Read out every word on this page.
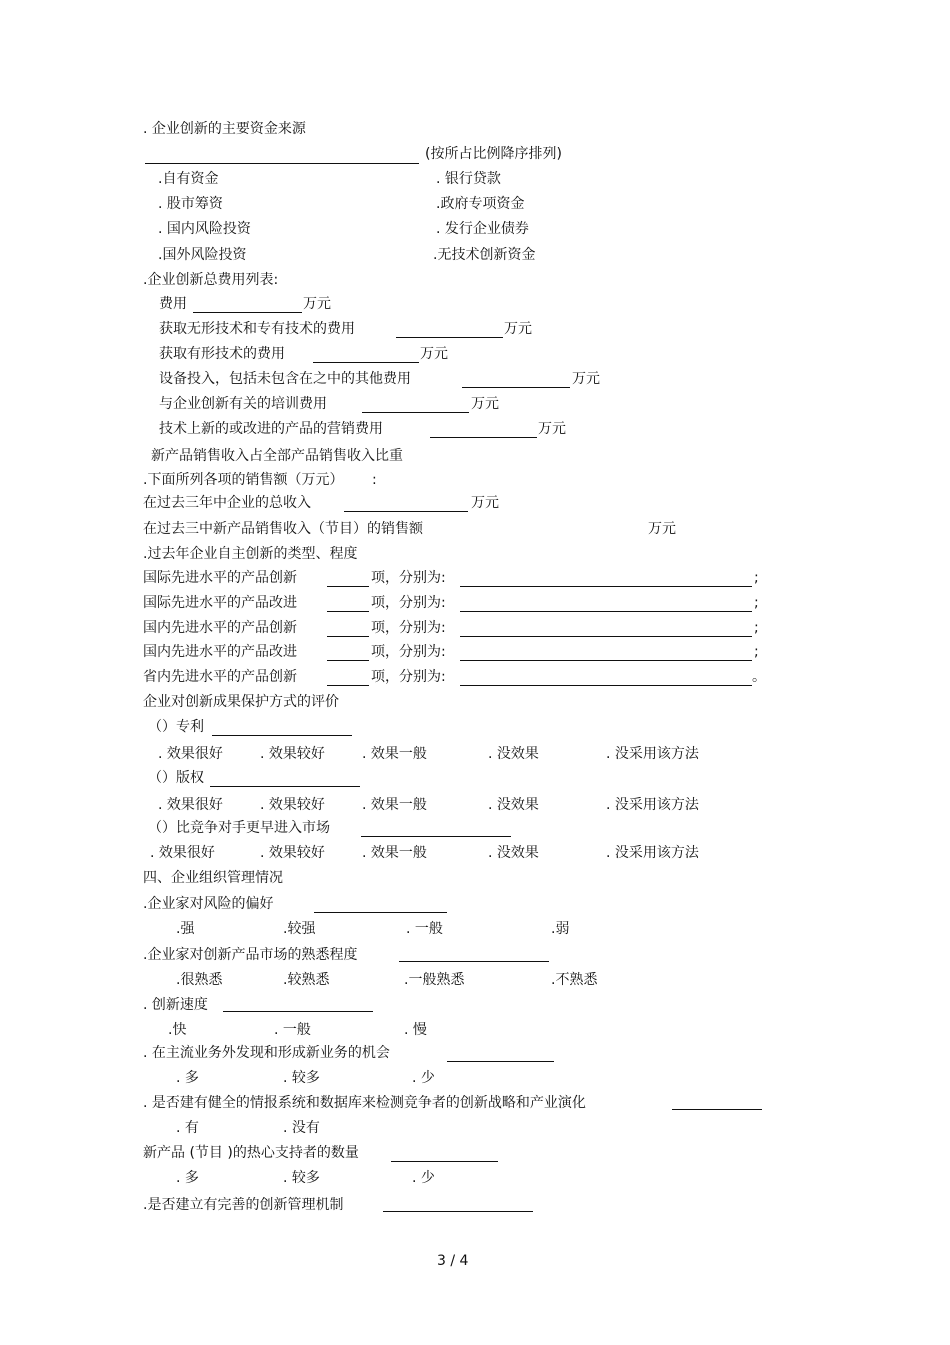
. 企业创新的主要资金来源
(按所占比例降序排列)
.自有资金	. 银行贷款
. 股市筹资	.政府专项资金
. 国内风险投资	. 发行企业债券
.国外风险投资	.无技术创新资金
.企业创新总费用列表:
费用	万元
获取无形技术和专有技术的费用	万元
获取有形技术的费用	万元
设备投入，包括未包含在之中的其他费用	万元
与企业创新有关的培训费用	万元
技术上新的或改进的产品的营销费用	万元
新产品销售收入占全部产品销售收入比重
.下面所列各项的销售额（万元） :
在过去三年中企业的总收入	万元
在过去三中新产品销售收入（节目）的销售额	万元
.过去年企业自主创新的类型、程度
国际先进水平的产品创新	项，分别为:	;
国际先进水平的产品改进	项，分别为:	;
国内先进水平的产品创新	项，分别为:	;
国内先进水平的产品改进	项，分别为:	;
省内先进水平的产品创新	项，分别为:	。
企业对创新成果保护方式的评价
（）专利
. 效果很好	. 效果较好	. 效果一般	. 没效果	. 没采用该方法
（）版权
. 效果很好	. 效果较好	. 效果一般	. 没效果	. 没采用该方法
（）比竞争对手更早进入市场
. 效果很好	. 效果较好	. 效果一般	. 没效果	. 没采用该方法
四、企业组织管理情况
.企业家对风险的偏好
.强	.较强	. 一般	.弱
.企业家对创新产品市场的熟悉程度
.很熟悉	.较熟悉	.一般熟悉	.不熟悉
. 创新速度
.快	. 一般	. 慢
. 在主流业务外发现和形成新业务的机会
. 多	. 较多	. 少
. 是否建有健全的情报系统和数据库来检测竞争者的创新战略和产业演化
. 有	. 没有
新产品 (节目 )的热心支持者的数量
. 多	. 较多	. 少
.是否建立有完善的创新管理机制
3 / 4
